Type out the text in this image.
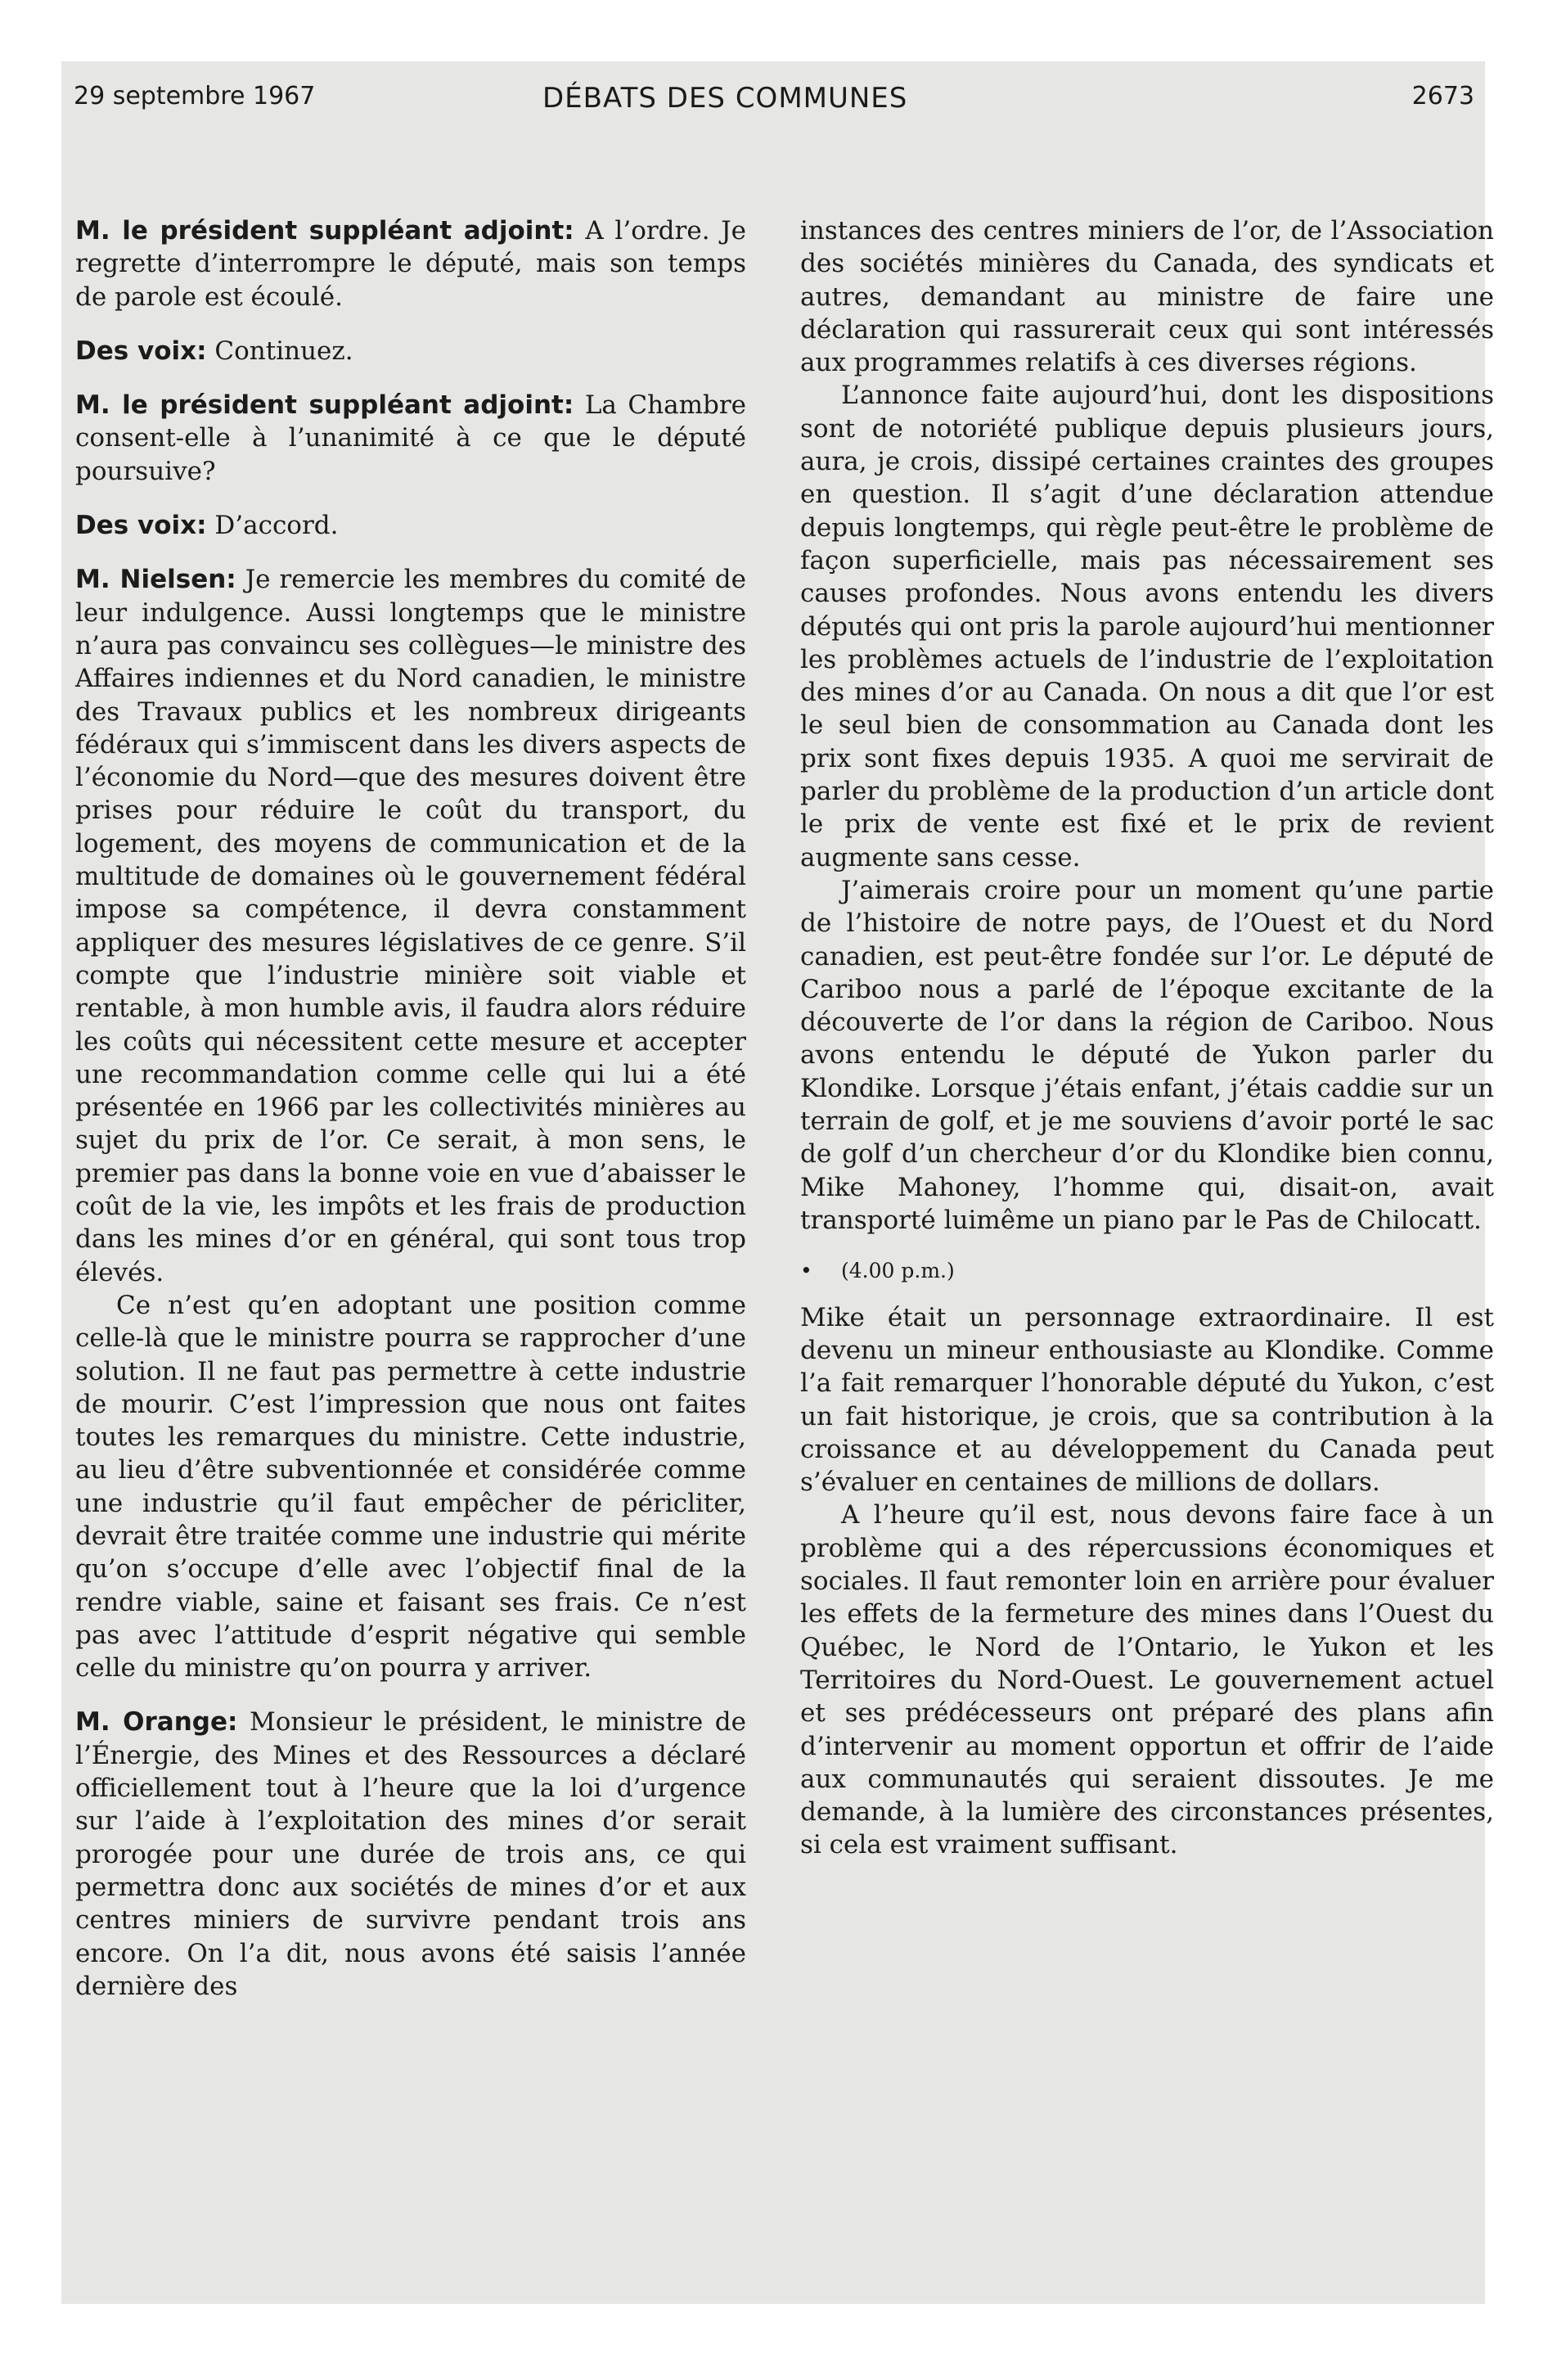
29 septembre 1967	DÉBATS DES COMMUNES	2673

M. le président suppléant adjoint: A l’ordre. Je regrette d’interrompre le député, mais son temps de parole est écoulé.

Des voix: Continuez.

M. le président suppléant adjoint: La Chambre consent-elle à l’unanimité à ce que le député poursuive?

Des voix: D’accord.

M. Nielsen: Je remercie les membres du comité de leur indulgence. Aussi longtemps que le ministre n’aura pas convaincu ses collègues—le ministre des Affaires indiennes et du Nord canadien, le ministre des Travaux publics et les nombreux dirigeants fédéraux qui s’immiscent dans les divers aspects de l’économie du Nord—que des mesures doivent être prises pour réduire le coût du transport, du logement, des moyens de communication et de la multitude de domaines où le gouvernement fédéral impose sa compétence, il devra constamment appliquer des mesures législatives de ce genre. S’il compte que l’industrie minière soit viable et rentable, à mon humble avis, il faudra alors réduire les coûts qui nécessitent cette mesure et accepter une recommandation comme celle qui lui a été présentée en 1966 par les collectivités minières au sujet du prix de l’or. Ce serait, à mon sens, le premier pas dans la bonne voie en vue d’abaisser le coût de la vie, les impôts et les frais de production dans les mines d’or en général, qui sont tous trop élevés.

Ce n’est qu’en adoptant une position comme celle-là que le ministre pourra se rapprocher d’une solution. Il ne faut pas permettre à cette industrie de mourir. C’est l’impression que nous ont faites toutes les remarques du ministre. Cette industrie, au lieu d’être subventionnée et considérée comme une industrie qu’il faut empêcher de péricliter, devrait être traitée comme une industrie qui mérite qu’on s’occupe d’elle avec l’objectif final de la rendre viable, saine et faisant ses frais. Ce n’est pas avec l’attitude d’esprit négative qui semble celle du ministre qu’on pourra y arriver.

M. Orange: Monsieur le président, le ministre de l’Énergie, des Mines et des Ressources a déclaré officiellement tout à l’heure que la loi d’urgence sur l’aide à l’exploitation des mines d’or serait prorogée pour une durée de trois ans, ce qui permettra donc aux sociétés de mines d’or et aux centres miniers de survivre pendant trois ans encore. On l’a dit, nous avons été saisis l’année dernière des

instances des centres miniers de l’or, de l’Association des sociétés minières du Canada, des syndicats et autres, demandant au ministre de faire une déclaration qui rassurerait ceux qui sont intéressés aux programmes relatifs à ces diverses régions.

L’annonce faite aujourd’hui, dont les dispositions sont de notoriété publique depuis plusieurs jours, aura, je crois, dissipé certaines craintes des groupes en question. Il s’agit d’une déclaration attendue depuis longtemps, qui règle peut-être le problème de façon superficielle, mais pas nécessairement ses causes profondes. Nous avons entendu les divers députés qui ont pris la parole aujourd’hui mentionner les problèmes actuels de l’industrie de l’exploitation des mines d’or au Canada. On nous a dit que l’or est le seul bien de consommation au Canada dont les prix sont fixes depuis 1935. A quoi me servirait de parler du problème de la production d’un article dont le prix de vente est fixé et le prix de revient augmente sans cesse.

J’aimerais croire pour un moment qu’une partie de l’histoire de notre pays, de l’Ouest et du Nord canadien, est peut-être fondée sur l’or. Le député de Cariboo nous a parlé de l’époque excitante de la découverte de l’or dans la région de Cariboo. Nous avons entendu le député de Yukon parler du Klondike. Lorsque j’étais enfant, j’étais caddie sur un terrain de golf, et je me souviens d’avoir porté le sac de golf d’un chercheur d’or du Klondike bien connu, Mike Mahoney, l’homme qui, disait-on, avait transporté luimême un piano par le Pas de Chilocatt.

• (4.00 p.m.)

Mike était un personnage extraordinaire. Il est devenu un mineur enthousiaste au Klondike. Comme l’a fait remarquer l’honorable député du Yukon, c’est un fait historique, je crois, que sa contribution à la croissance et au développement du Canada peut s’évaluer en centaines de millions de dollars.

A l’heure qu’il est, nous devons faire face à un problème qui a des répercussions économiques et sociales. Il faut remonter loin en arrière pour évaluer les effets de la fermeture des mines dans l’Ouest du Québec, le Nord de l’Ontario, le Yukon et les Territoires du Nord-Ouest. Le gouvernement actuel et ses prédécesseurs ont préparé des plans afin d’intervenir au moment opportun et offrir de l’aide aux communautés qui seraient dissoutes. Je me demande, à la lumière des circonstances présentes, si cela est vraiment suffisant.
